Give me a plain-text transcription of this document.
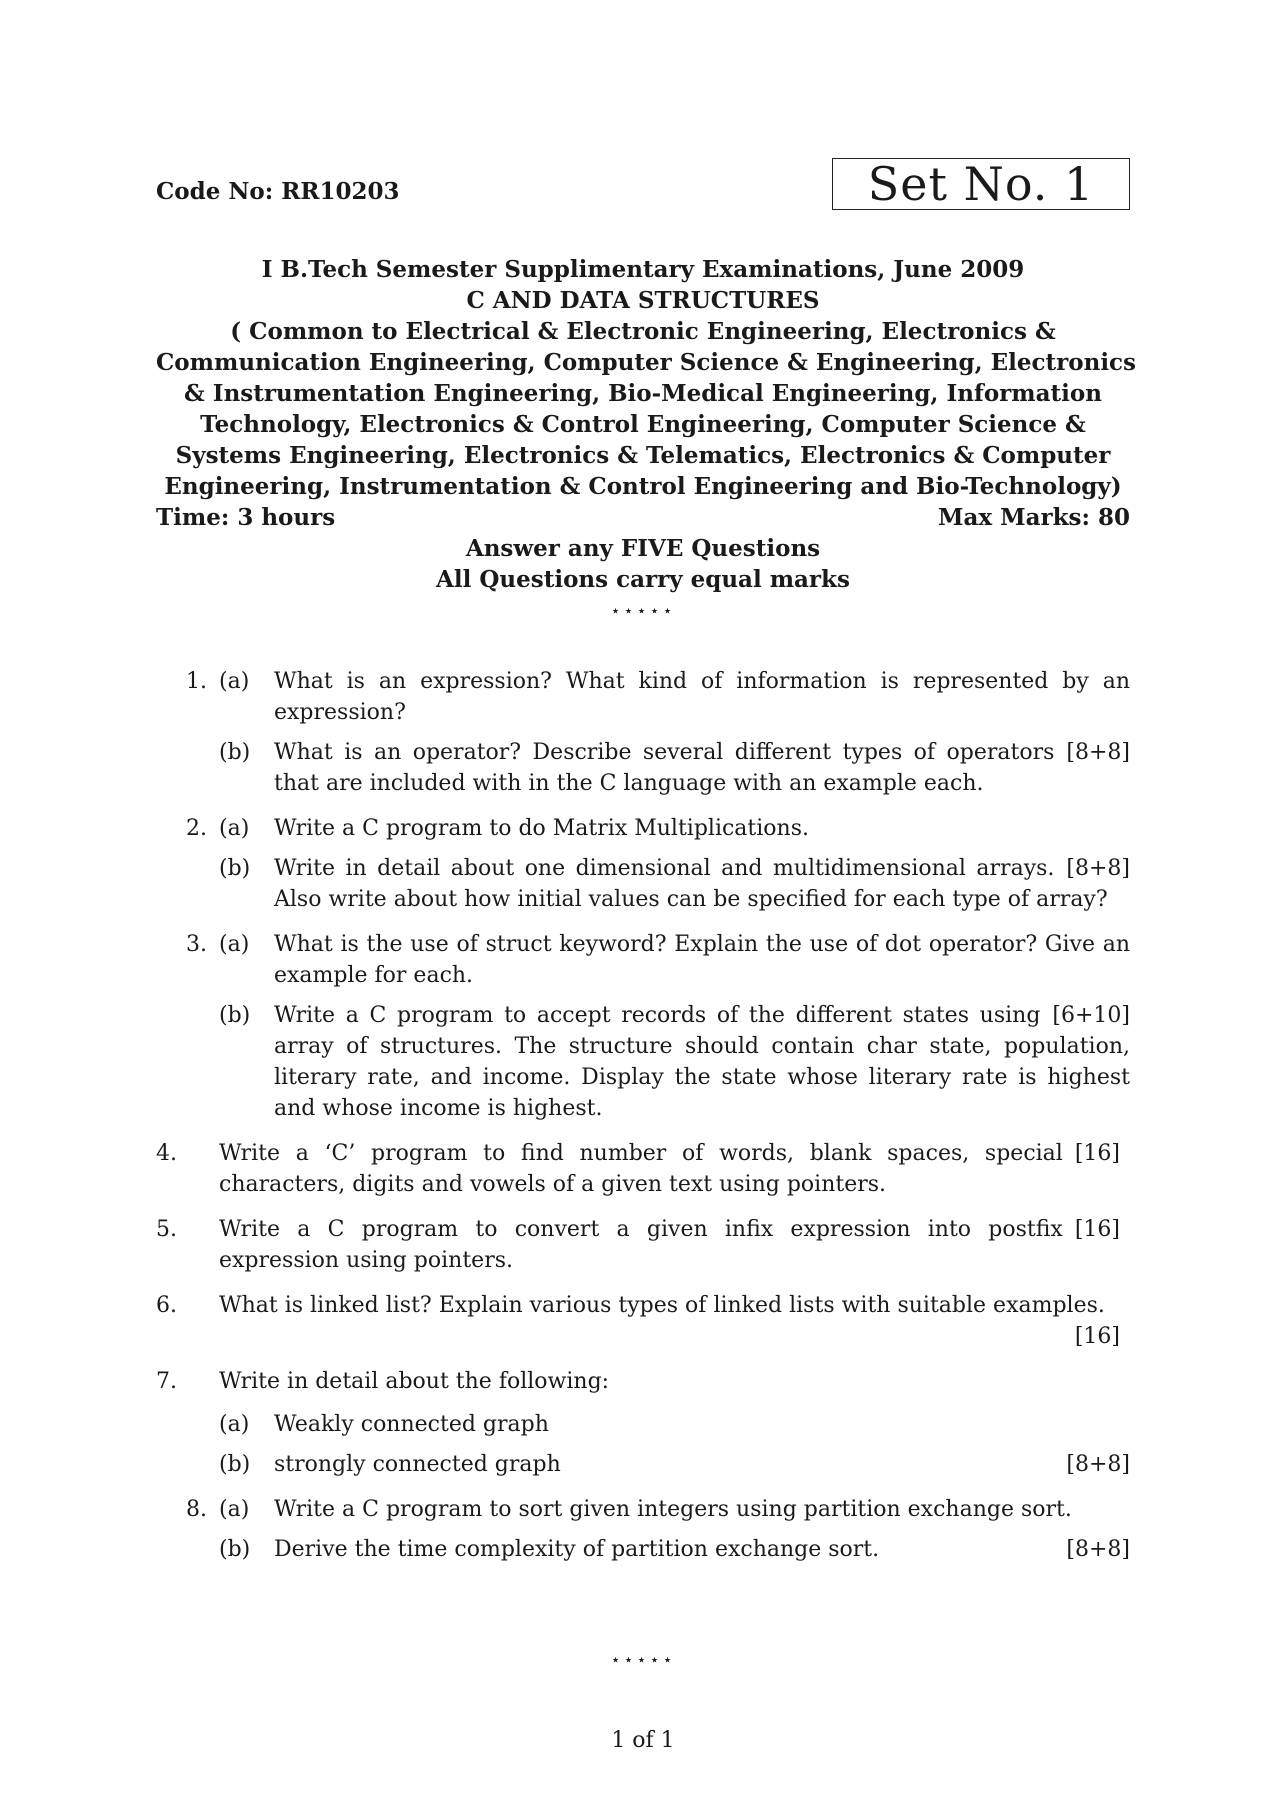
Code No: RR10203	Set No. 1
I B.Tech Semester Supplimentary Examinations, June 2009
C AND DATA STRUCTURES
( Common to Electrical & Electronic Engineering, Electronics &
Communication Engineering, Computer Science & Engineering, Electronics
& Instrumentation Engineering, Bio-Medical Engineering, Information
Technology, Electronics & Control Engineering, Computer Science &
Systems Engineering, Electronics & Telematics, Electronics & Computer
Engineering, Instrumentation & Control Engineering and Bio-Technology)
Time: 3 hours	Max Marks: 80
Answer any FIVE Questions
All Questions carry equal marks
⋆⋆⋆⋆⋆
1. (a) What is an expression? What kind of information is represented by an expression?
(b)	[8+8]
What is an operator? Describe several different types of operators that are included with in the C language with an example each.
2. (a) Write a C program to do Matrix Multiplications.
(b)	[8+8]
Write in detail about one dimensional and multidimensional arrays. Also write about how initial values can be specified for each type of array?
3. (a) What is the use of struct keyword? Explain the use of dot operator? Give an example for each.
(b)	[6+10]
Write a C program to accept records of the different states using array of structures. The structure should contain char state, population, literary rate, and income. Display the state whose literary rate is highest and whose income is highest.
4.	[16]
Write a ‘C’ program to find number of words, blank spaces, special characters, digits and vowels of a given text using pointers.
5.	[16]
Write a C program to convert a given infix expression into postfix expression using pointers.
6.	What is linked list? Explain various types of linked lists with suitable examples.
[16]
7.	Write in detail about the following:
(a) Weakly connected graph
(b)	[8+8]
strongly connected graph
8. (a) Write a C program to sort given integers using partition exchange sort.
(b)	[8+8]
Derive the time complexity of partition exchange sort.
⋆⋆⋆⋆⋆
1 of 1
